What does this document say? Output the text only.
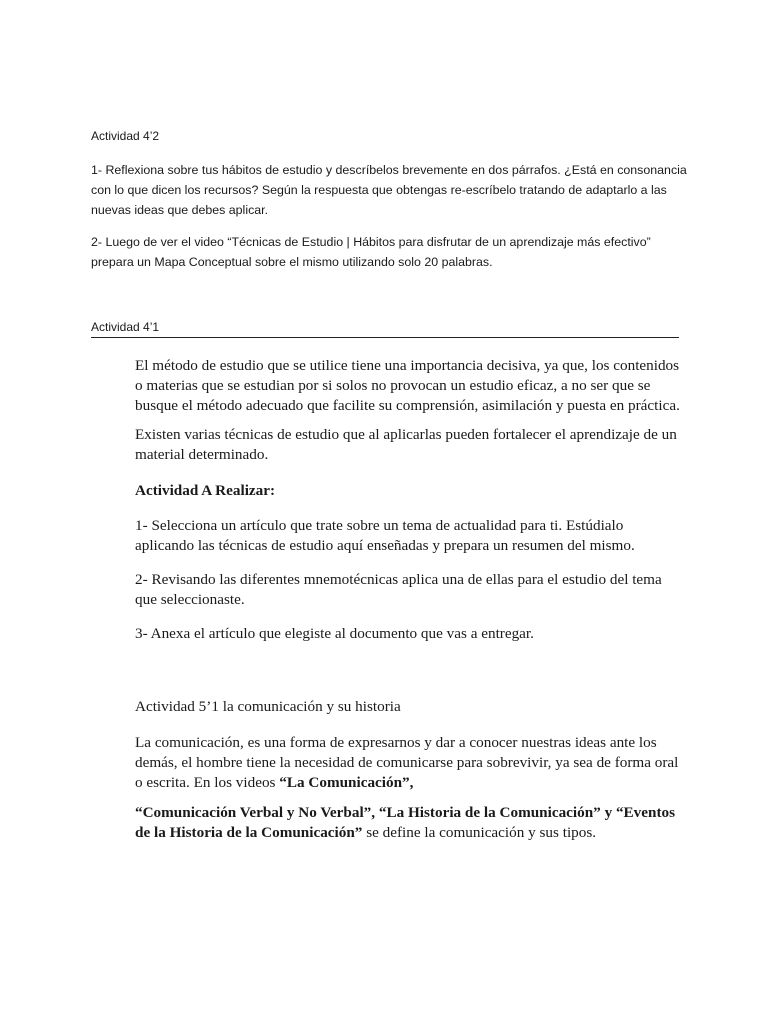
Actividad 4’2
1- Reflexiona sobre tus hábitos de estudio y descríbelos brevemente en dos párrafos. ¿Está en consonancia con lo que dicen los recursos? Según la respuesta que obtengas re-escríbelo tratando de adaptarlo a las nuevas ideas que debes aplicar.
2- Luego de ver el video “Técnicas de Estudio | Hábitos para disfrutar de un aprendizaje más efectivo” prepara un Mapa Conceptual sobre el mismo utilizando solo 20 palabras.
Actividad 4’1
El método de estudio que se utilice tiene una importancia decisiva, ya que, los contenidos o materias que se estudian por si solos no provocan un estudio eficaz, a no ser que se busque el método adecuado que facilite su comprensión, asimilación y puesta en práctica.
Existen varias técnicas de estudio que al aplicarlas pueden fortalecer el aprendizaje de un material determinado.
Actividad A Realizar:
1- Selecciona un artículo que trate sobre un tema de actualidad para ti. Estúdialo aplicando las técnicas de estudio aquí enseñadas y prepara un resumen del mismo.
2- Revisando las diferentes mnemotécnicas aplica una de ellas para el estudio del tema que seleccionaste.
3- Anexa el artículo que elegiste al documento que vas a entregar.
Actividad 5’1 la comunicación y su historia
La comunicación, es una forma de expresarnos y dar a conocer nuestras ideas ante los demás, el hombre tiene la necesidad de comunicarse para sobrevivir, ya sea de forma oral o escrita. En los videos “La Comunicación”,
“Comunicación Verbal y No Verbal”, “La Historia de la Comunicación” y “Eventos de la Historia de la Comunicación” se define la comunicación y sus tipos.
